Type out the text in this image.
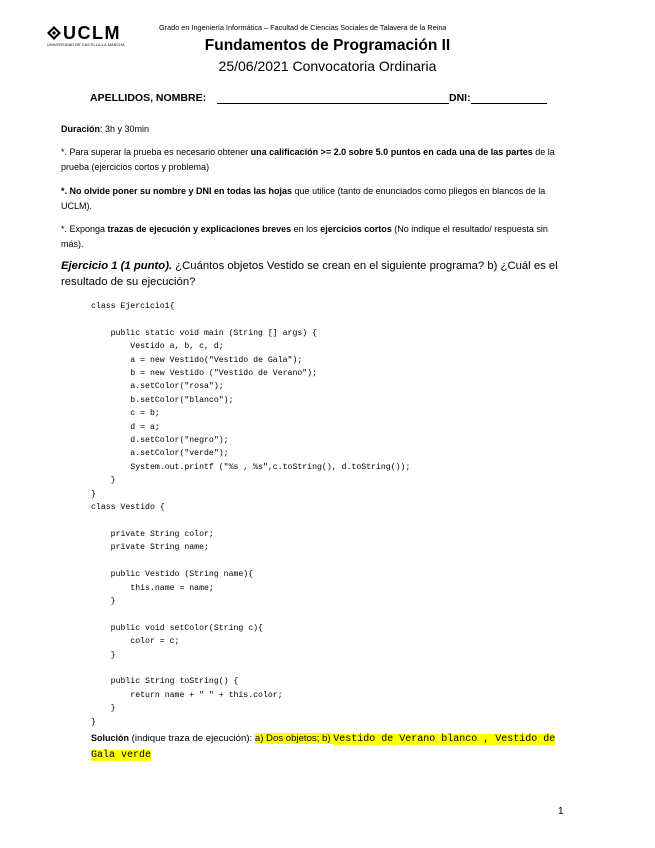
UCLM
UNIVERSIDAD DE CASTILLA-LA MANCHA
Grado en Ingeniería Informática – Facultad de Ciencias Sociales de Talavera de la Reina
Fundamentos de Programación II
25/06/2021 Convocatoria Ordinaria
APELLIDOS, NOMBRE:	DNI:
Duración: 3h y 30min
*. Para superar la prueba es necesario obtener una calificación >= 2.0 sobre 5.0 puntos en cada una de las partes de la prueba (ejercicios cortos y problema)
*. No olvide poner su nombre y DNI en todas las hojas que utilice (tanto de enunciados como pliegos en blancos de la UCLM).
*. Exponga trazas de ejecución y explicaciones breves en los ejercicios cortos (No indique el resultado/ respuesta sin más).
Ejercicio 1 (1 punto). ¿Cuántos objetos Vestido se crean en el siguiente programa? b) ¿Cuál es el resultado de su ejecución?
class Ejercicio1{

public static void main (String [] args) {
Vestido a, b, c, d;
a = new Vestido("Vestido de Gala");
b = new Vestido ("Vestido de Verano");
a.setColor("rosa");
b.setColor("blanco");
c = b;
d = a;
d.setColor("negro");
a.setColor("verde");
System.out.printf ("%s , %s",c.toString(), d.toString());
}
}
class Vestido {

private String color;
private String name;

public Vestido (String name){
this.name = name;
}

public void setColor(String c){
color = c;
}

public String toString() {
return name + " " + this.color;
}
}
Solución (indique traza de ejecución): a) Dos objetos; b) Vestido de Verano blanco , Vestido de Gala verde
1
